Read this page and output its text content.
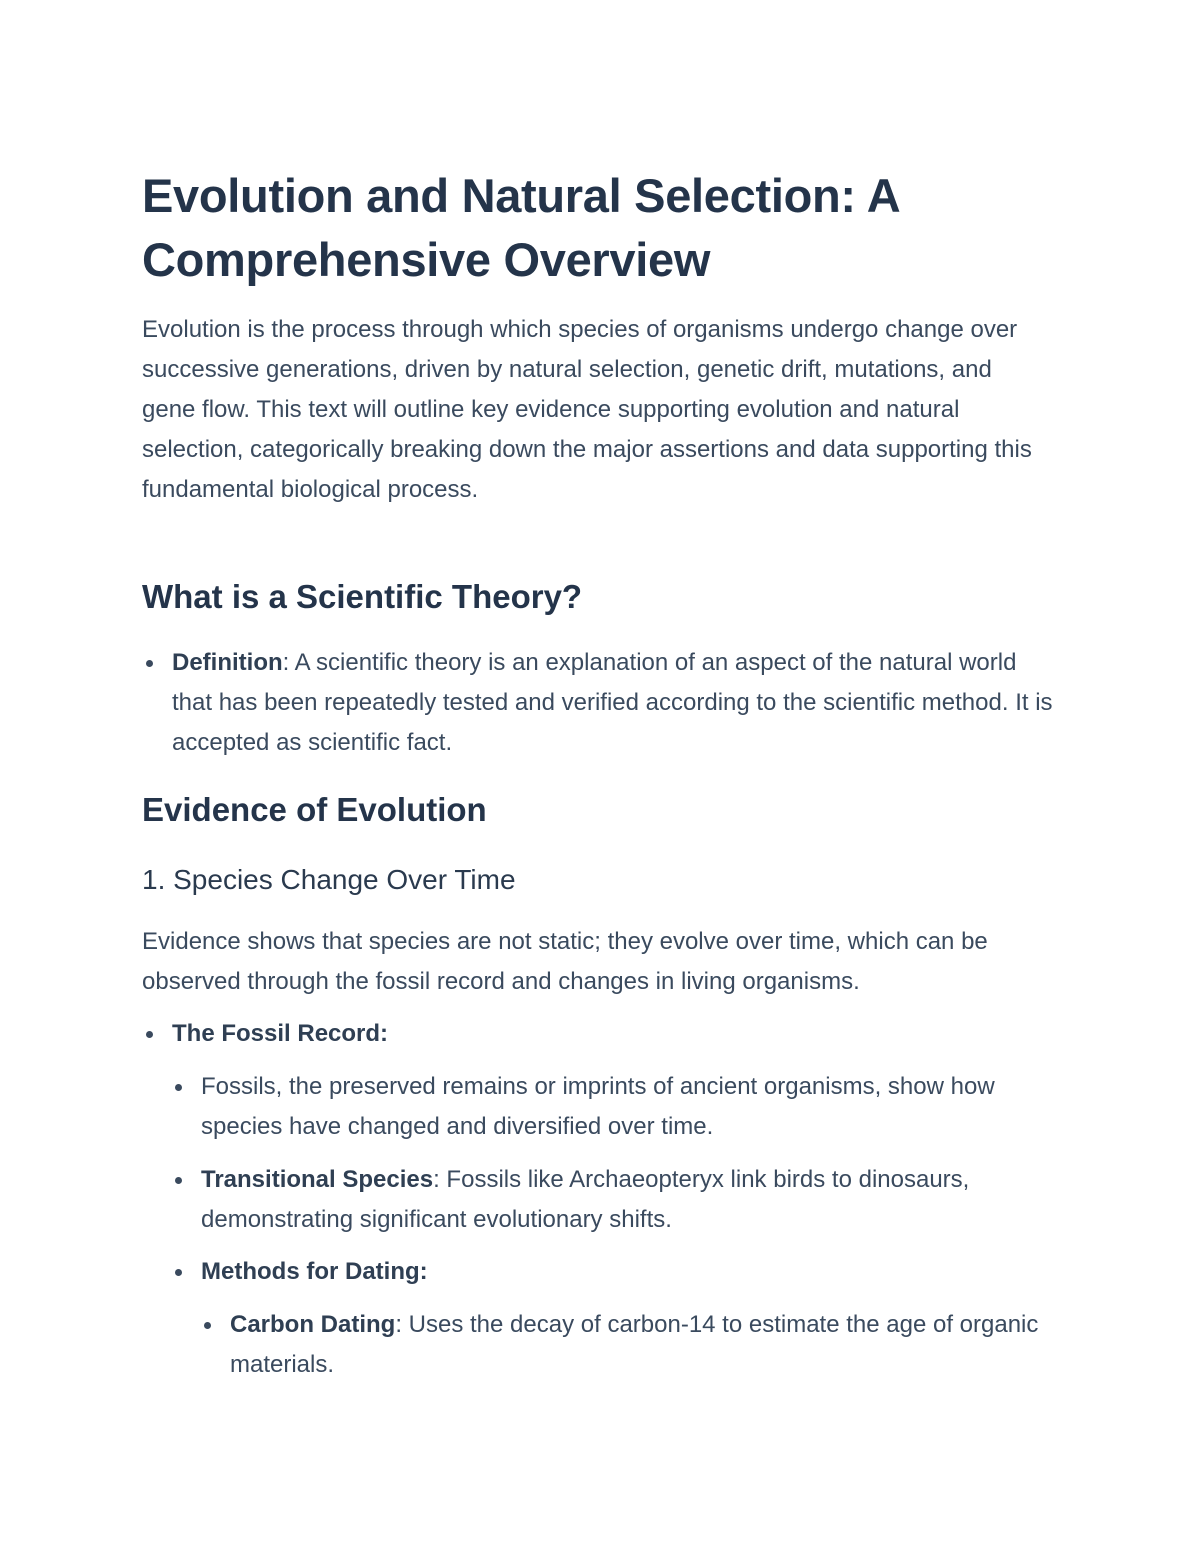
Evolution and Natural Selection: A Comprehensive Overview

Evolution is the process through which species of organisms undergo change over successive generations, driven by natural selection, genetic drift, mutations, and gene flow. This text will outline key evidence supporting evolution and natural selection, categorically breaking down the major assertions and data supporting this fundamental biological process.

What is a Scientific Theory?
Definition: A scientific theory is an explanation of an aspect of the natural world that has been repeatedly tested and verified according to the scientific method. It is accepted as scientific fact.
Evidence of Evolution
1. Species Change Over Time

Evidence shows that species are not static; they evolve over time, which can be observed through the fossil record and changes in living organisms.

The Fossil Record:
Fossils, the preserved remains or imprints of ancient organisms, show how species have changed and diversified over time.
Transitional Species: Fossils like Archaeopteryx link birds to dinosaurs, demonstrating significant evolutionary shifts.
Methods for Dating:
Carbon Dating: Uses the decay of carbon-14 to estimate the age of organic materials.
